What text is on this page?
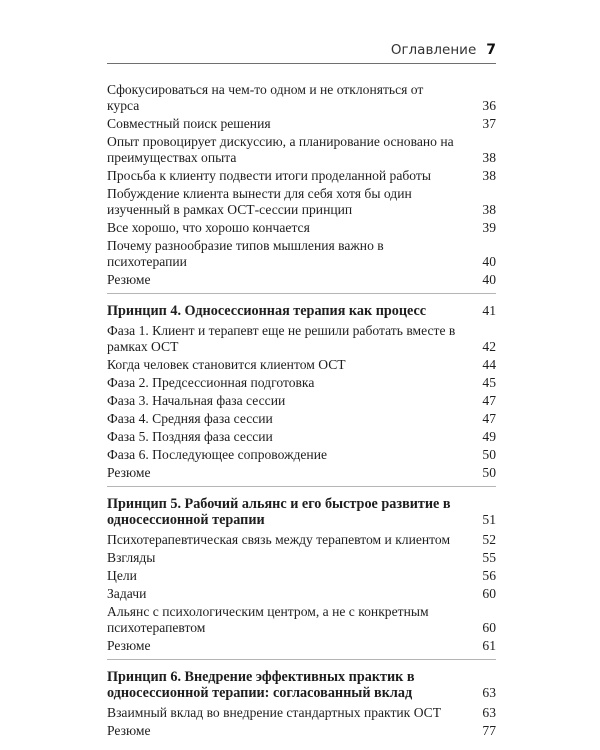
Оглавление 7
Сфокусироваться на чем-то одном и не отклоняться от курса	36
Совместный поиск решения	37
Опыт провоцирует дискуссию, а планирование основано на преимуществах опыта	38
Просьба к клиенту подвести итоги проделанной работы	38
Побуждение клиента вынести для себя хотя бы один изученный в рамках ОСТ-сессии принцип	38
Все хорошо, что хорошо кончается	39
Почему разнообразие типов мышления важно в психотерапии	40
Резюме	40
Принцип 4. Односессионная терапия как процесс	41
Фаза 1. Клиент и терапевт еще не решили работать вместе в рамках ОСТ	42
Когда человек становится клиентом ОСТ	44
Фаза 2. Предсессионная подготовка	45
Фаза 3. Начальная фаза сессии	47
Фаза 4. Средняя фаза сессии	47
Фаза 5. Поздняя фаза сессии	49
Фаза 6. Последующее сопровождение	50
Резюме	50
Принцип 5. Рабочий альянс и его быстрое развитие в односессионной терапии	51
Психотерапевтическая связь между терапевтом и клиентом	52
Взгляды	55
Цели	56
Задачи	60
Альянс с психологическим центром, а не с конкретным психотерапевтом	60
Резюме	61
Принцип 6. Внедрение эффективных практик в односессионной терапии: согласованный вклад	63
Взаимный вклад во внедрение стандартных практик ОСТ	63
Резюме	77
